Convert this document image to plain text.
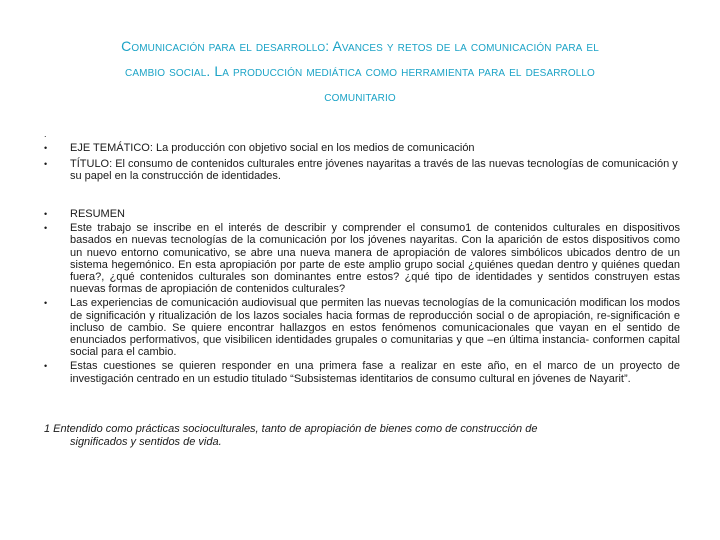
Comunicación para el desarrollo: Avances y retos de la comunicación para el
cambio social. La producción mediática como herramienta para el desarrollo
comunitario
.
• EJE TEMÁTICO: La producción con objetivo social en los medios de comunicación
• TÍTULO: El consumo de contenidos culturales entre jóvenes nayaritas a través de las nuevas tecnologías de comunicación y su papel en la construcción de identidades.
• RESUMEN
• Este trabajo se inscribe en el interés de describir y comprender el consumo1 de contenidos culturales en dispositivos basados en nuevas tecnologías de la comunicación por los jóvenes nayaritas. Con la aparición de estos dispositivos como un nuevo entorno comunicativo, se abre una nueva manera de apropiación de valores simbólicos ubicados dentro de un sistema hegemónico. En esta apropiación por parte de este amplio grupo social ¿quiénes quedan dentro y quiénes quedan fuera?, ¿qué contenidos culturales son dominantes entre estos? ¿qué tipo de identidades y sentidos construyen estas nuevas formas de apropiación de contenidos culturales?
• Las experiencias de comunicación audiovisual que permiten las nuevas tecnologías de la comunicación modifican los modos de significación y ritualización de los lazos sociales hacia formas de reproducción social o de apropiación, re-significación e incluso de cambio. Se quiere encontrar hallazgos en estos fenómenos comunicacionales que vayan en el sentido de enunciados performativos, que visibilicen identidades grupales o comunitarias y que –en última instancia- conformen capital social para el cambio.
• Estas cuestiones se quieren responder en una primera fase a realizar en este año, en el marco de un proyecto de investigación centrado en un estudio titulado “Subsistemas identitarios de consumo cultural en jóvenes de Nayarit”.
1 Entendido como prácticas socioculturales, tanto de apropiación de bienes como de construcción de
significados y sentidos de vida.
